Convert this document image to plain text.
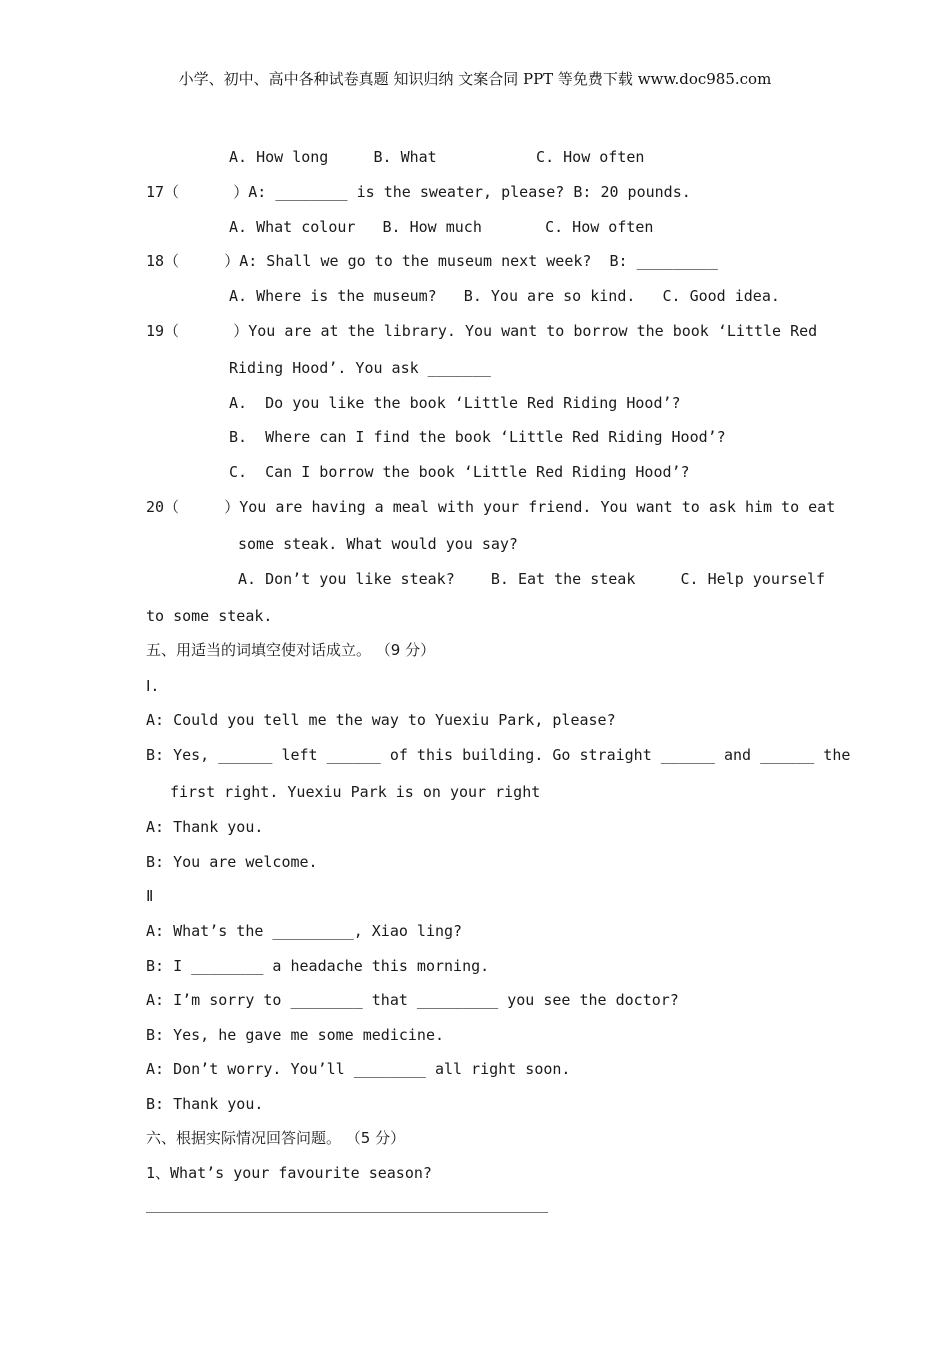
小学、初中、高中各种试卷真题 知识归纳 文案合同 PPT 等免费下载 www.doc985.com
A. How long     B. What           C. How often
17（      ）A: ________ is the sweater, please? B: 20 pounds.
A. What colour   B. How much       C. How often
18（     ）A: Shall we go to the museum next week?  B: _________
A. Where is the museum?   B. You are so kind.   C. Good idea.
19（      ）You are at the library. You want to borrow the book ‘Little Red
Riding Hood’. You ask _______
A.  Do you like the book ‘Little Red Riding Hood’?
B.  Where can I find the book ‘Little Red Riding Hood’?
C.  Can I borrow the book ‘Little Red Riding Hood’?
20（     ）You are having a meal with your friend. You want to ask him to eat
some steak. What would you say?
A. Don’t you like steak?    B. Eat the steak     C. Help yourself
to some steak.
五、用适当的词填空使对话成立。 （9 分）
Ⅰ.
A: Could you tell me the way to Yuexiu Park, please?
B: Yes, ______ left ______ of this building. Go straight ______ and ______ the
first right. Yuexiu Park is on your right
A: Thank you.
B: You are welcome.
Ⅱ
A: What’s the _________, Xiao ling?
B: I ________ a headache this morning.
A: I’m sorry to ________ that _________ you see the doctor?
B: Yes, he gave me some medicine.
A: Don’t worry. You’ll ________ all right soon.
B: Thank you.
六、根据实际情况回答问题。 （5 分）
1、What’s your favourite season?
